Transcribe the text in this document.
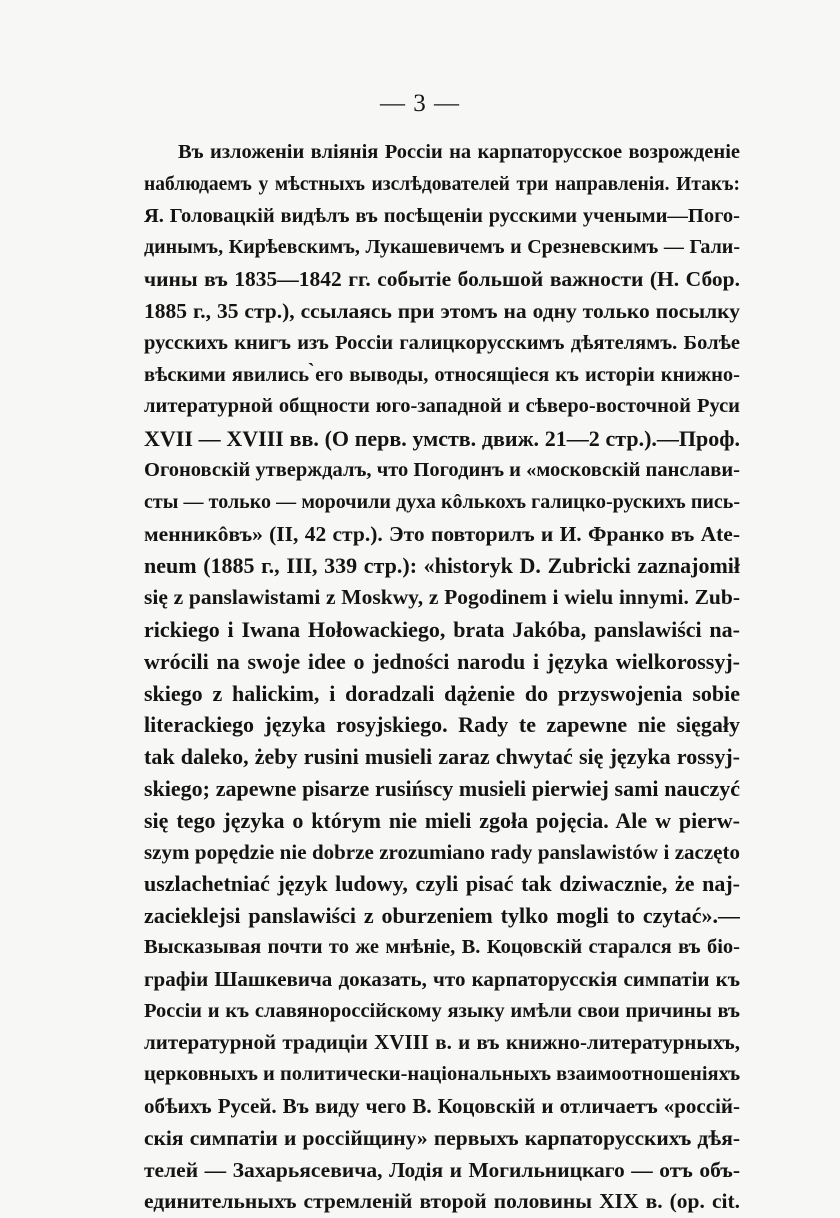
— 3 —
Въ изложенiи влiянiя Россiи на карпаторусское возрожденiе
наблюдаемъ у мѣстныхъ изслѣдователей три направленiя. Итакъ:
Я. Головацкiй видѣлъ въ посѣщенiи русскими учеными—Пого-
динымъ, Кирѣевскимъ, Лукашевичемъ и Срезневскимъ — Гали-
чины въ 1835—1842 гг. событiе большой важности (Н. Сбор.
1885 г., 35 стр.), ссылаясь при этомъ на одну только посылку
русскихъ книгъ изъ Россiи галицкорусскимъ дѣятелямъ. Болѣе
вѣскими явились ̀его выводы, относящiеся къ исторiи книжно-
литературной общности юго-западной и сѣверо-восточной Руси
XVII — XVIII вв. (О перв. умств. движ. 21—2 стр.).—Проф.
Огоновскiй утверждалъ, что Погодинъ и «московскiй панслави-
сты — только — морочили духа кôлькохъ галицко-рускихъ пись-
менникôвъ» (II, 42 стр.). Это повторилъ и И. Франко въ Ate-
neum (1885 г., III, 339 стр.): «historyk D. Zubricki zaznajomił
się z panslawistami z Moskwy, z Pogodinem i wielu innymi. Zub-
rickiego i Iwana Hołowackiego, brata Jakóba, panslawiści na-
wrócili na swoje idee o jedności narodu i języka wielkorossyj-
skiego z halickim, i doradzali dążenie do przyswojenia sobie
literackiego języka rosyjskiego. Rady te zapewne nie sięgały
tak daleko, żeby rusini musieli zaraz chwytać się języka rossyj-
skiego; zapewne pisarze rusińscy musieli pierwiej sami nauczyć
się tego języka o którym nie mieli zgoła pojęcia. Ale w pierw-
szym popędzie nie dobrze zrozumiano rady panslawistów i zaczęto
uszlachetniać język ludowy, czyli pisać tak dziwacznie, że naj-
zacieklejsi panslawiści z oburzeniem tylko mogli to czytać».—
Высказывая почти то же мнѣнiе, В. Коцовскiй старался въ бiо-
графiи Шашкевича доказать, что карпаторусскiя симпатiи къ
Россiи и къ славянороссiйскому языку имѣли свои причины въ
литературной традицiи XVIII в. и въ книжно-литературныхъ,
церковныхъ и политически-нацiональныхъ взаимоотношенiяхъ
обѣихъ Русей. Въ виду чего В. Коцовскiй и отличаетъ «россiй-
скiя симпатiи и россiйщину» первыхъ карпаторусскихъ дѣя-
телей — Захарьясевича, Лодiя и Могильницкаго — отъ объ-
единительныхъ стремленiй второй половины XIX в. (op. cit.
